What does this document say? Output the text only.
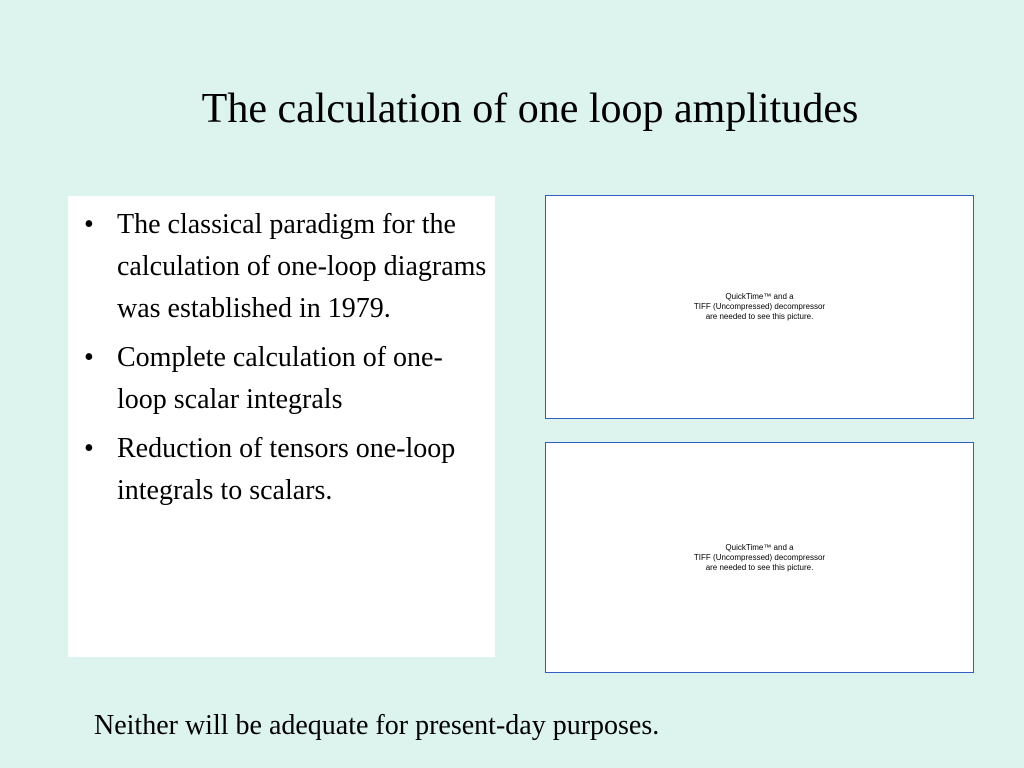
The calculation of one loop amplitudes
• The classical paradigm for the calculation of one-loop diagrams was established in 1979.
• Complete calculation of one-loop scalar integrals
• Reduction of tensors one-loop integrals to scalars.
QuickTime™ and a
TIFF (Uncompressed) decompressor
are needed to see this picture.
QuickTime™ and a
TIFF (Uncompressed) decompressor
are needed to see this picture.
Neither will be adequate for present-day purposes.
